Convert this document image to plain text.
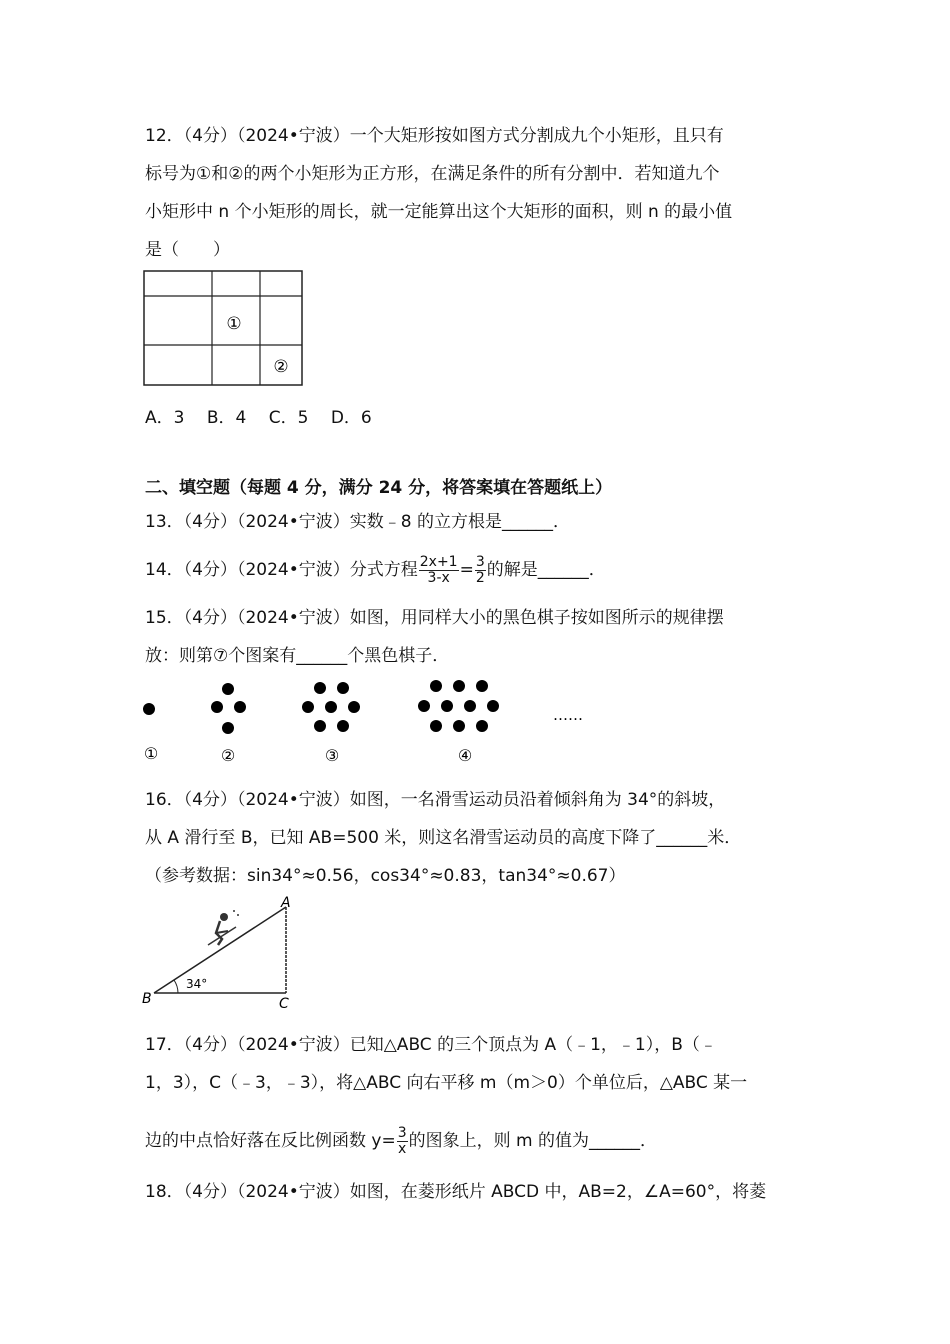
12．（4分）（2024•宁波）一个大矩形按如图方式分割成九个小矩形，且只有
标号为①和②的两个小矩形为正方形，在满足条件的所有分割中．若知道九个
小矩形中 n 个小矩形的周长，就一定能算出这个大矩形的面积，则 n 的最小值
是（　　）
①
②
A．3　 B．4　 C．5　 D．6
二、填空题（每题 4 分，满分 24 分，将答案填在答题纸上）
13．（4分）（2024•宁波）实数﹣8 的立方根是______．
14．（4分）（2024•宁波）分式方程 $\frac{2x+1}{3-x} = \frac{3}{2}$ 的解是______．
15．（4分）（2024•宁波）如图，用同样大小的黑色棋子按如图所示的规律摆
放：则第⑦个图案有______个黑色棋子．
……
①	②	③	④
16．（4分）（2024•宁波）如图，一名滑雪运动员沿着倾斜角为 34°的斜坡，
从 A 滑行至 B，已知 AB=500 米，则这名滑雪运动员的高度下降了______米．
（参考数据：sin34°≈0.56，cos34°≈0.83，tan34°≈0.67）
A
B	C
34°
17．（4分）（2024•宁波）已知△ABC 的三个顶点为 A（﹣1，﹣1），B（﹣
1，3），C（﹣3，﹣3），将△ABC 向右平移 m（m＞0）个单位后，△ABC 某一
边的中点恰好落在反比例函数 $y= \frac{3}{x}$ 的图象上，则 m 的值为______．
18．（4分）（2024•宁波）如图，在菱形纸片 ABCD 中，AB=2，∠A=60°，将菱
